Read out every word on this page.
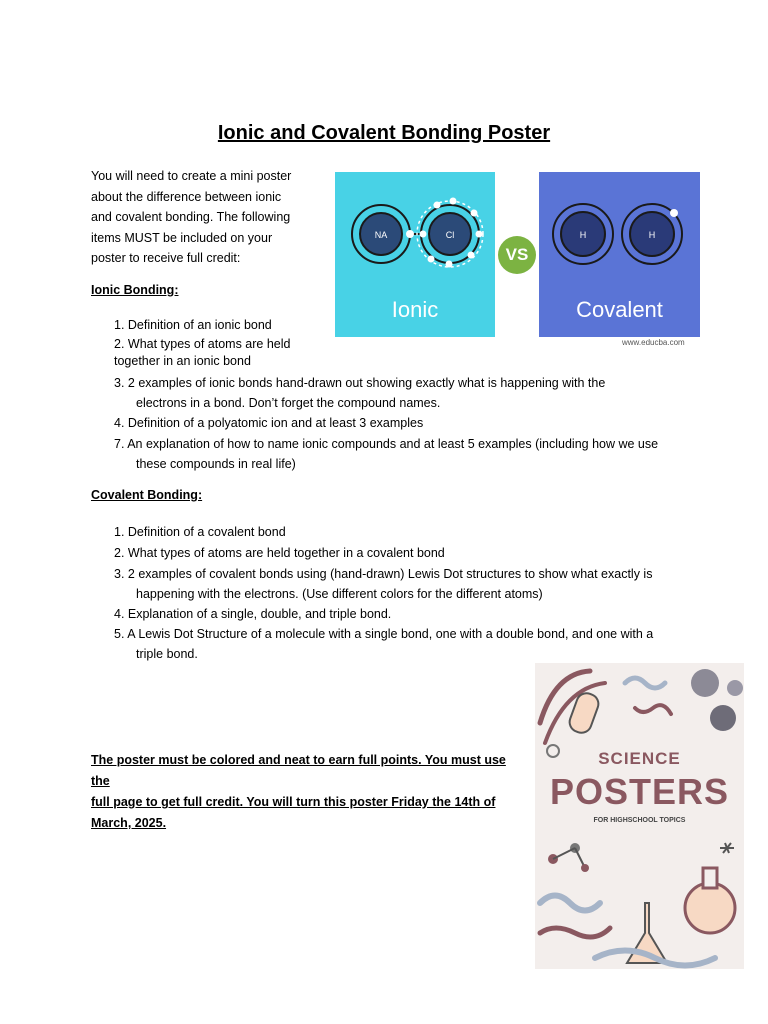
Ionic and Covalent Bonding Poster
You will need to create a mini poster
about the difference between ionic
and covalent bonding. The following
items MUST be included on your
poster to receive full credit:
Ionic Bonding:
1. Definition of an ionic bond
2. What types of atoms are held
together in an ionic bond
3. 2 examples of ionic bonds hand-drawn out showing exactly what is happening with the
electrons in a bond. Don’t forget the compound names.
4. Definition of a polyatomic ion and at least 3 examples
7. An explanation of how to name ionic compounds and at least 5 examples (including how we use
these compounds in real life)
Covalent Bonding:
1. Definition of a covalent bond
2. What types of atoms are held together in a covalent bond
3. 2 examples of covalent bonds using (hand-drawn) Lewis Dot structures to show what exactly is
happening with the electrons. (Use different colors for the different atoms)
4. Explanation of a single, double, and triple bond.
5. A Lewis Dot Structure of a molecule with a single bond, one with a double bond, and one with a
triple bond.
The poster must be colored and neat to earn full points. You must use the
full page to get full credit. You will turn this poster Friday the 14th of
March, 2025.
NA	Cl
Ionic
VS
H	H
Covalent
www.educba.com
SCIENCE
POSTERS
FOR HIGHSCHOOL TOPICS
